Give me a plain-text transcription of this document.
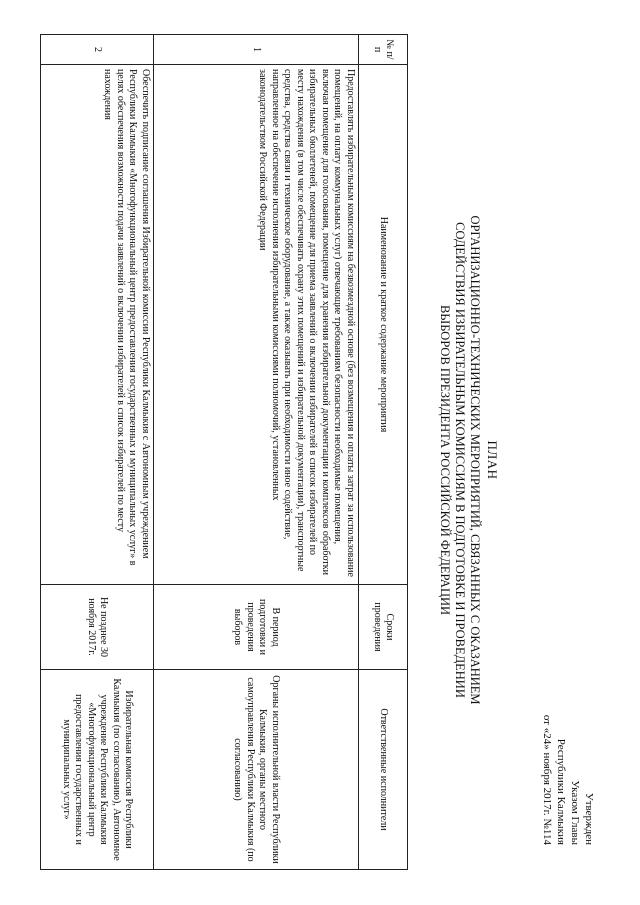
Утвержден
Указом Главы
Республики Калмыкия
от «24» ноября 2017г. №114
ПЛАН
ОРГАНИЗАЦИОННО-ТЕХНИЧЕСКИХ МЕРОПРИЯТИЙ, СВЯЗАННЫХ С ОКАЗАНИЕМ
СОДЕЙСТВИЯ ИЗБИРАТЕЛЬНЫМ КОМИССИЯМ В ПОДГОТОВКЕ И ПРОВЕДЕНИИ
ВЫБОРОВ ПРЕЗИДЕНТА РОССИЙСКОЙ ФЕДЕРАЦИИ
№ п/п	Наименование и краткое содержание мероприятия	Сроки проведения	Ответственные исполнители
1	Предоставлять избирательным комиссиям на безвозмездной основе (без возмещения и оплаты затрат за использование помещений, на оплату коммунальных услуг) отвечающие требованиям безопасности необходимые помещения, включая помещение для голосования, помещение для хранения избирательной документации и комплексов обработки избирательных бюллетеней, помещение для приема заявлений о включении избирателей в список избирателей по месту нахождения (в том числе обеспечивать охрану этих помещений и избирательной документации), транспортные средства, средства связи и техническое оборудование, а также оказывать при необходимости иное содействие, направленное на обеспечение исполнения избирательными комиссиями полномочий, установленных законодательством Российской Федерации	В период подготовки и проведения выборов	Органы исполнительной власти Республики Калмыкия, органы местного самоуправления Республики Калмыкия (по согласованию)
2	Обеспечить подписание соглашения Избирательной комиссии Республики Калмыкия с Автономным учреждением Республики Калмыкия «Многофункциональный центр предоставления государственных и муниципальных услуг» в целях обеспечения возможности подачи заявлений о включении избирателей в список избирателей по месту нахождения	Не позднее 30 ноября 2017г.	Избирательная комиссия Республики Калмыкия (по согласованию), Автономное учреждение Республики Калмыкия «Многофункциональный центр предоставления государственных и муниципальных услуг»
